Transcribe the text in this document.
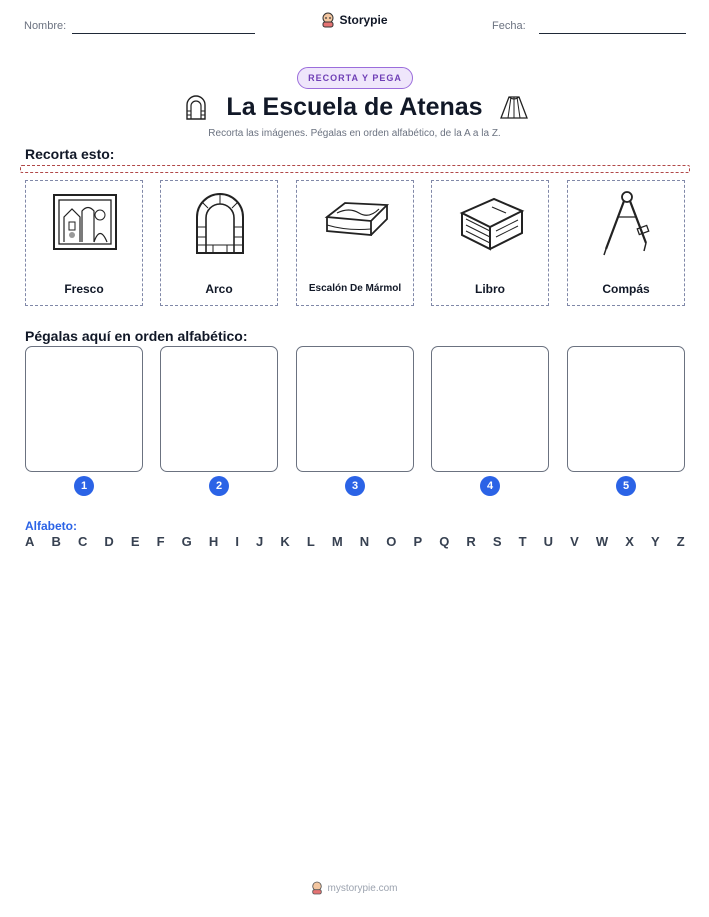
Nombre:	Storypie	Fecha:
RECORTA Y PEGA
La Escuela de Atenas
Recorta las imágenes. Pégalas en orden alfabético, de la A a la Z.
Recorta esto:
Fresco	Arco	Escalón De Mármol	Libro	Compás
Pégalas aquí en orden alfabético:
1	2	3	4	5
Alfabeto:
A B C D E F G H I J K L M N O P Q R S T U V W X Y Z
mystorypie.com
